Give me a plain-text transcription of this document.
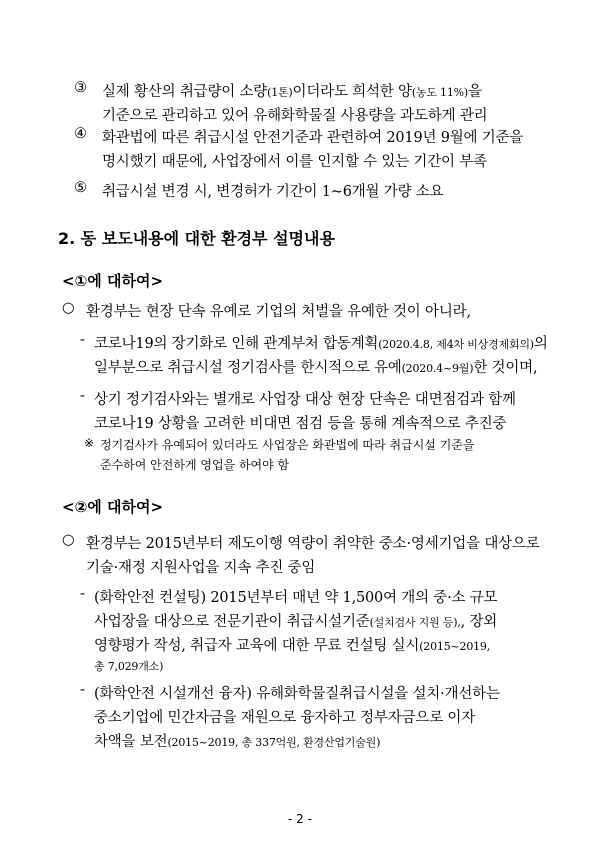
③	실제 황산의 취급량이 소량(1톤)이더라도 희석한 양(농도 11%)을
기준으로 관리하고 있어 유해화학물질 사용량을 과도하게 관리
④	화관법에 따른 취급시설 안전기준과 관련하여 2019년 9월에 기준을
명시했기 때문에, 사업장에서 이를 인지할 수 있는 기간이 부족
⑤	취급시설 변경 시, 변경허가 기간이 1~6개월 가량 소요
2. 동 보도내용에 대한 환경부 설명내용
<①에 대하여>
○ 환경부는 현장 단속 유예로 기업의 처벌을 유예한 것이 아니라,
- 코로나19의 장기화로 인해 관계부처 합동계획(2020.4.8, 제4차 비상경제회의)의
일부분으로 취급시설 정기검사를 한시적으로 유예(2020.4~9월)한 것이며,
- 상기 정기검사와는 별개로 사업장 대상 현장 단속은 대면점검과 함께
코로나19 상황을 고려한 비대면 점검 등을 통해 계속적으로 추진중
※ 정기검사가 유예되어 있더라도 사업장은 화관법에 따라 취급시설 기준을
준수하여 안전하게 영업을 하여야 함
<②에 대하여>
○ 환경부는 2015년부터 제도이행 역량이 취약한 중소·영세기업을 대상으로
기술·재정 지원사업을 지속 추진 중임
- (화학안전 컨설팅) 2015년부터 매년 약 1,500여 개의 중·소 규모
사업장을 대상으로 전문기관이 취급시설기준(설치검사 지원 등),, 장외
영향평가 작성, 취급자 교육에 대한 무료 컨설팅 실시(2015~2019,
총 7,029개소)
- (화학안전 시설개선 융자) 유해화학물질취급시설을 설치·개선하는
중소기업에 민간자금을 재원으로 융자하고 정부자금으로 이자
차액을 보전(2015~2019, 총 337억원, 환경산업기술원)
- 2 -
